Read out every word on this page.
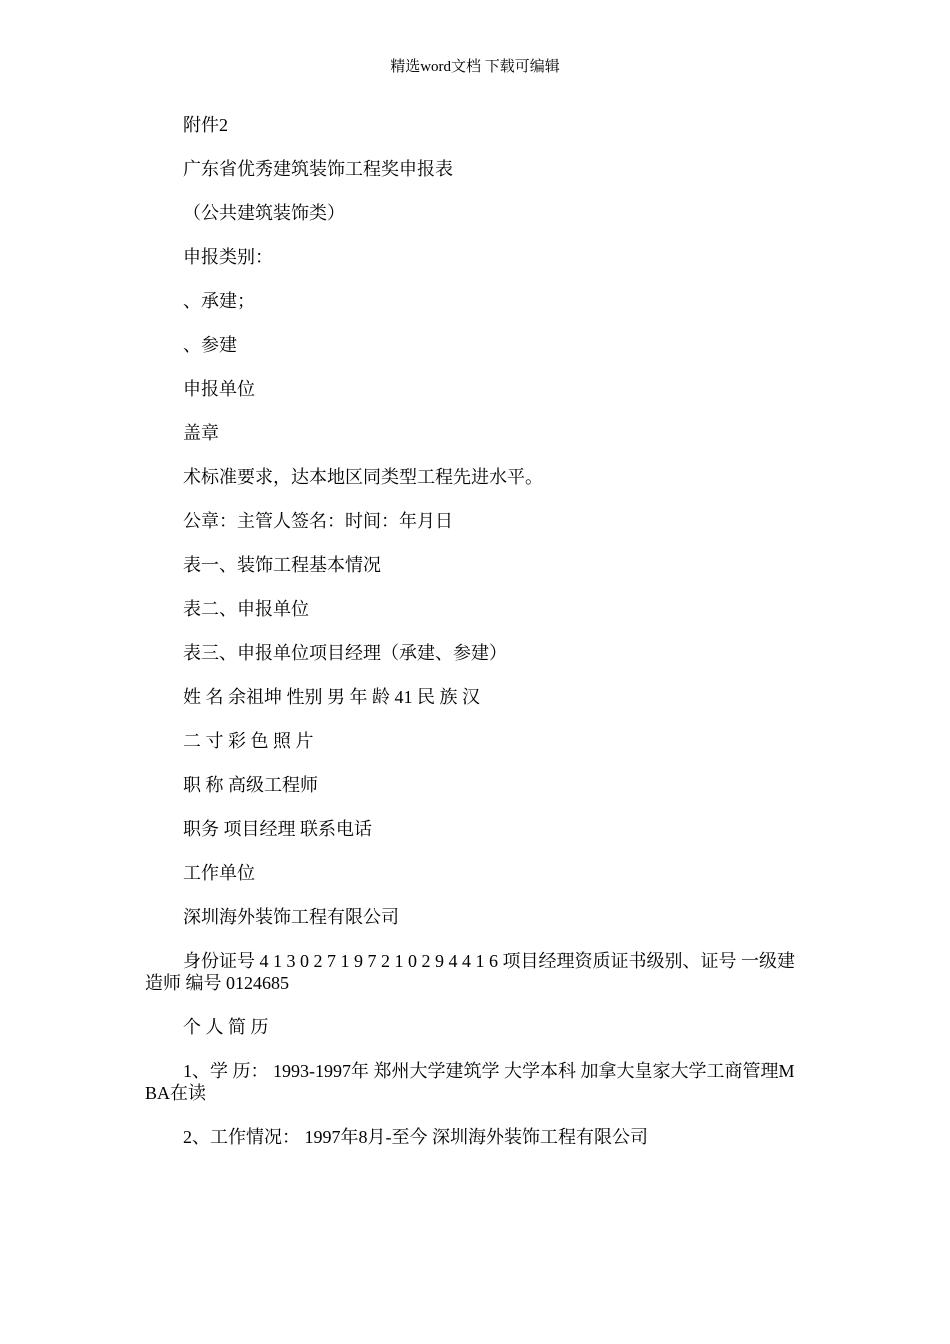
精选word文档 下载可编辑

附件2

广东省优秀建筑装饰工程奖申报表

（公共建筑装饰类）

申报类别：

、承建；

、参建

申报单位

盖章

术标准要求，达本地区同类型工程先进水平。

公章：主管人签名：时间：年月日

表一、装饰工程基本情况

表二、申报单位

表三、申报单位项目经理（承建、参建）

姓 名 余祖坤 性别 男 年 龄 41 民 族 汉

二 寸 彩 色 照 片

职 称 高级工程师

职务 项目经理 联系电话

工作单位

深圳海外装饰工程有限公司

身份证号 4 1 3 0 2 7 1 9 7 2 1 0 2 9 4 4 1 6 项目经理资质证书级别、证号 一级建造师 编号 0124685

个 人 简 历

1、学 历： 1993-1997年 郑州大学建筑学 大学本科 加拿大皇家大学工商管理MBA在读

2、工作情况： 1997年8月-至今 深圳海外装饰工程有限公司
